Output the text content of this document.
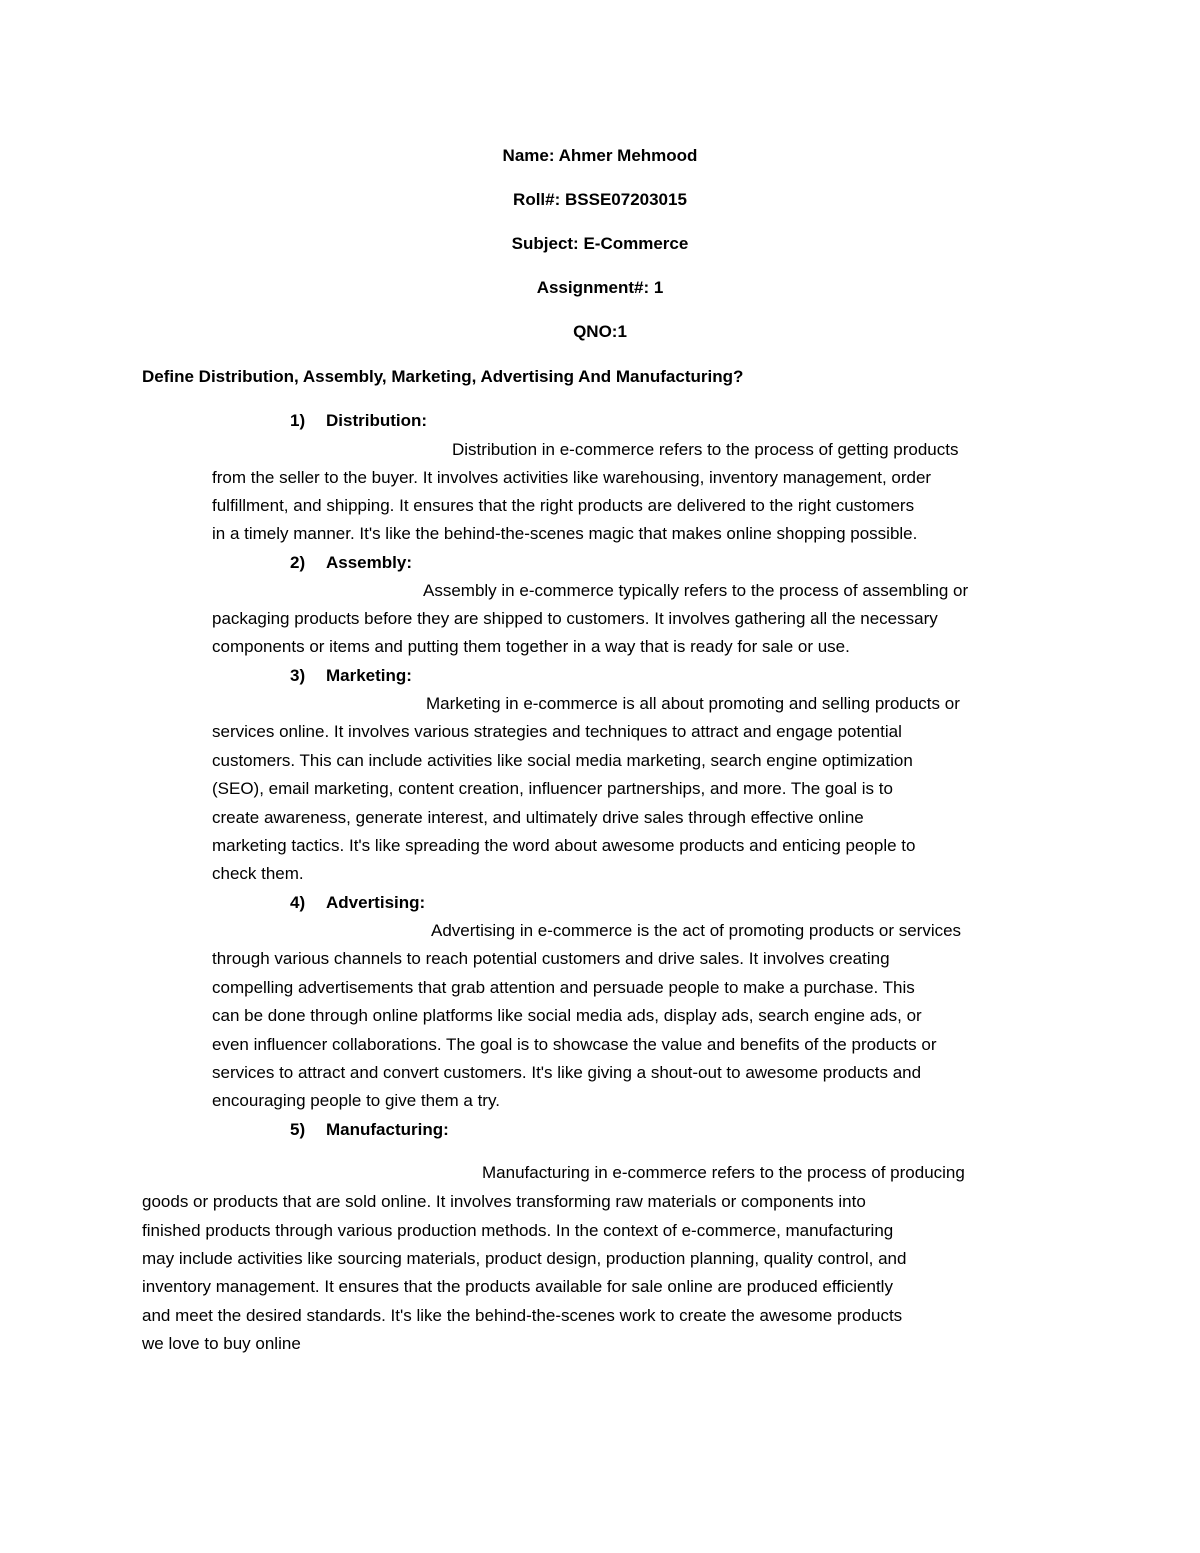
Name: Ahmer Mehmood
Roll#: BSSE07203015
Subject: E-Commerce
Assignment#: 1
QNO:1
Define Distribution, Assembly, Marketing, Advertising And Manufacturing?
1) Distribution:
Distribution in e-commerce refers to the process of getting products
from the seller to the buyer. It involves activities like warehousing, inventory management, order
fulfillment, and shipping. It ensures that the right products are delivered to the right customers
in a timely manner. It's like the behind-the-scenes magic that makes online shopping possible.
2) Assembly:
Assembly in e-commerce typically refers to the process of assembling or
packaging products before they are shipped to customers. It involves gathering all the necessary
components or items and putting them together in a way that is ready for sale or use.
3) Marketing:
Marketing in e-commerce is all about promoting and selling products or
services online. It involves various strategies and techniques to attract and engage potential
customers. This can include activities like social media marketing, search engine optimization
(SEO), email marketing, content creation, influencer partnerships, and more. The goal is to
create awareness, generate interest, and ultimately drive sales through effective online
marketing tactics. It's like spreading the word about awesome products and enticing people to
check them.
4) Advertising:
Advertising in e-commerce is the act of promoting products or services
through various channels to reach potential customers and drive sales. It involves creating
compelling advertisements that grab attention and persuade people to make a purchase. This
can be done through online platforms like social media ads, display ads, search engine ads, or
even influencer collaborations. The goal is to showcase the value and benefits of the products or
services to attract and convert customers. It's like giving a shout-out to awesome products and
encouraging people to give them a try.
5) Manufacturing:
Manufacturing in e-commerce refers to the process of producing
goods or products that are sold online. It involves transforming raw materials or components into
finished products through various production methods. In the context of e-commerce, manufacturing
may include activities like sourcing materials, product design, production planning, quality control, and
inventory management. It ensures that the products available for sale online are produced efficiently
and meet the desired standards. It's like the behind-the-scenes work to create the awesome products
we love to buy online
